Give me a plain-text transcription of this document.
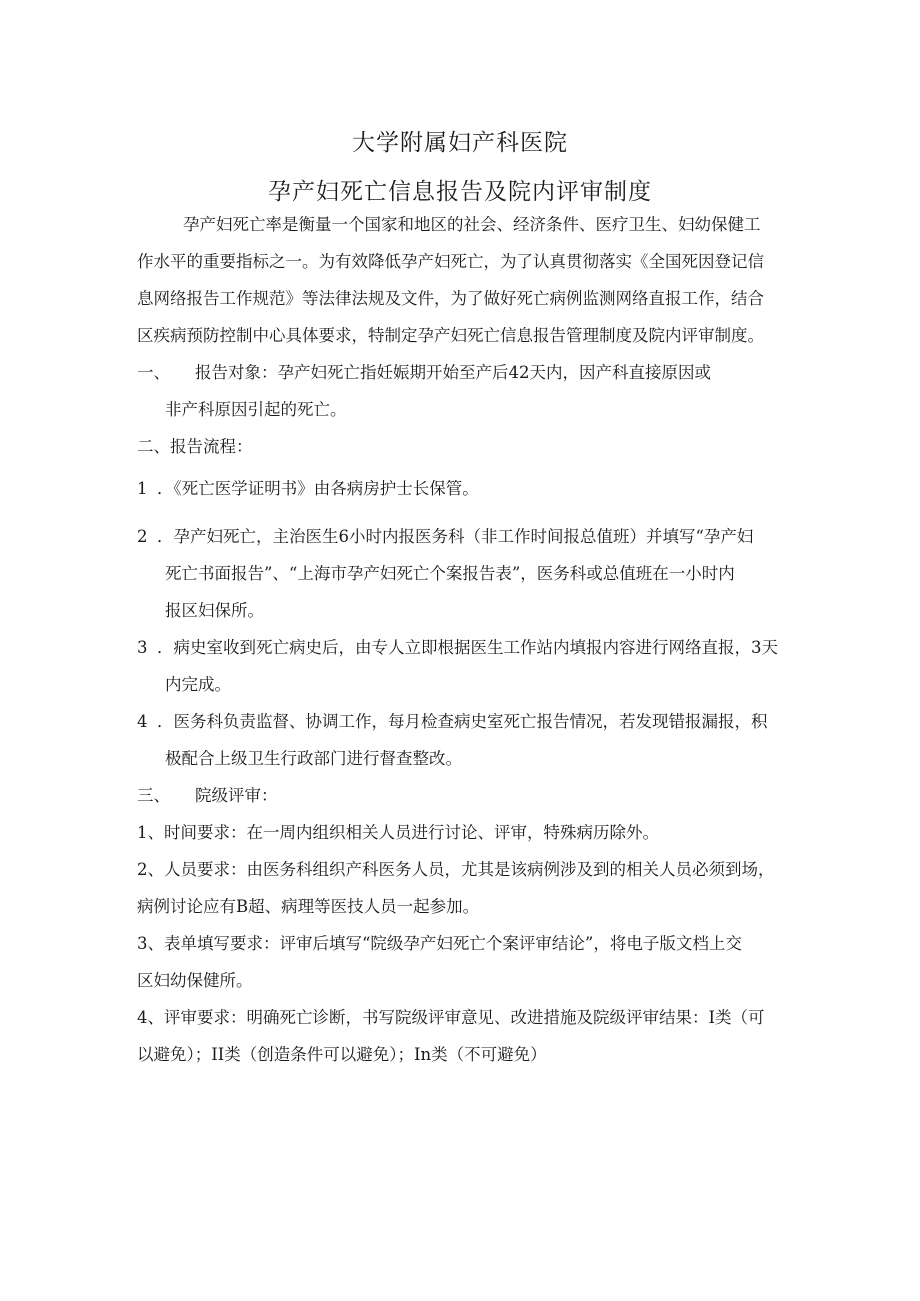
大学附属妇产科医院
孕产妇死亡信息报告及院内评审制度
孕产妇死亡率是衡量一个国家和地区的社会、经济条件、医疗卫生、妇幼保健工
作水平的重要指标之一。为有效降低孕产妇死亡，为了认真贯彻落实《全国死因登记信
息网络报告工作规范》等法律法规及文件，为了做好死亡病例监测网络直报工作，结合
区疾病预防控制中心具体要求，特制定孕产妇死亡信息报告管理制度及院内评审制度。
一、 报告对象：孕产妇死亡指妊娠期开始至产后42天内，因产科直接原因或
非产科原因引起的死亡。
二、报告流程：
1 ．《死亡医学证明书》由各病房护士长保管。
2 ．孕产妇死亡，主治医生6小时内报医务科（非工作时间报总值班）并填写“孕产妇
死亡书面报告”、“上海市孕产妇死亡个案报告表”，医务科或总值班在一小时内
报区妇保所。
3 ．病史室收到死亡病史后，由专人立即根据医生工作站内填报内容进行网络直报，3天
内完成。
4 ．医务科负责监督、协调工作，每月检查病史室死亡报告情况，若发现错报漏报，积
极配合上级卫生行政部门进行督查整改。
三、 院级评审：
1、时间要求：在一周内组织相关人员进行讨论、评审，特殊病历除外。
2、人员要求：由医务科组织产科医务人员，尤其是该病例涉及到的相关人员必须到场，
病例讨论应有B超、病理等医技人员一起参加。
3、表单填写要求：评审后填写“院级孕产妇死亡个案评审结论”，将电子版文档上交
区妇幼保健所。
4、评审要求：明确死亡诊断，书写院级评审意见、改进措施及院级评审结果：I类（可
以避免）；II类（创造条件可以避免）；In类（不可避免）
